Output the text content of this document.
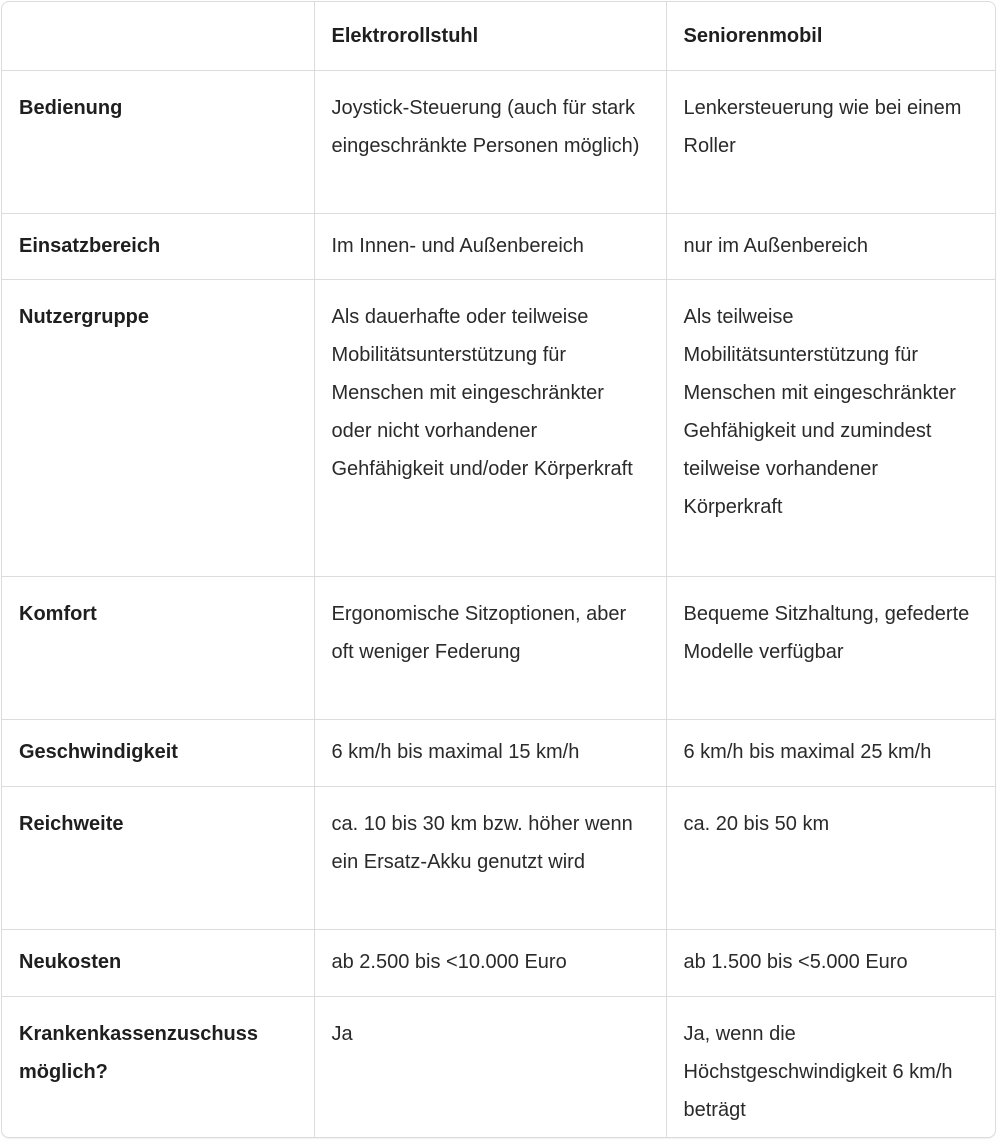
	Elektrorollstuhl	Seniorenmobil
Bedienung	Joystick-Steuerung (auch für stark eingeschränkte Personen möglich)	Lenkersteuerung wie bei einem Roller
Einsatzbereich	Im Innen- und Außenbereich	nur im Außenbereich
Nutzergruppe	Als dauerhafte oder teilweise Mobilitätsunterstützung für Menschen mit eingeschränkter oder nicht vorhandener Gehfähigkeit und/oder Körperkraft	Als teilweise Mobilitätsunterstützung für Menschen mit eingeschränkter Gehfähigkeit und zumindest teilweise vorhandener Körperkraft
Komfort	Ergonomische Sitzoptionen, aber oft weniger Federung	Bequeme Sitzhaltung, gefederte Modelle verfügbar
Geschwindigkeit	6 km/h bis maximal 15 km/h	6 km/h bis maximal 25 km/h
Reichweite	ca. 10 bis 30 km bzw. höher wenn ein Ersatz-Akku genutzt wird	ca. 20 bis 50 km
Neukosten	ab 2.500 bis <10.000 Euro	ab 1.500 bis <5.000 Euro
Krankenkassenzuschuss möglich?	Ja	Ja, wenn die Höchstgeschwindigkeit 6 km/h beträgt
